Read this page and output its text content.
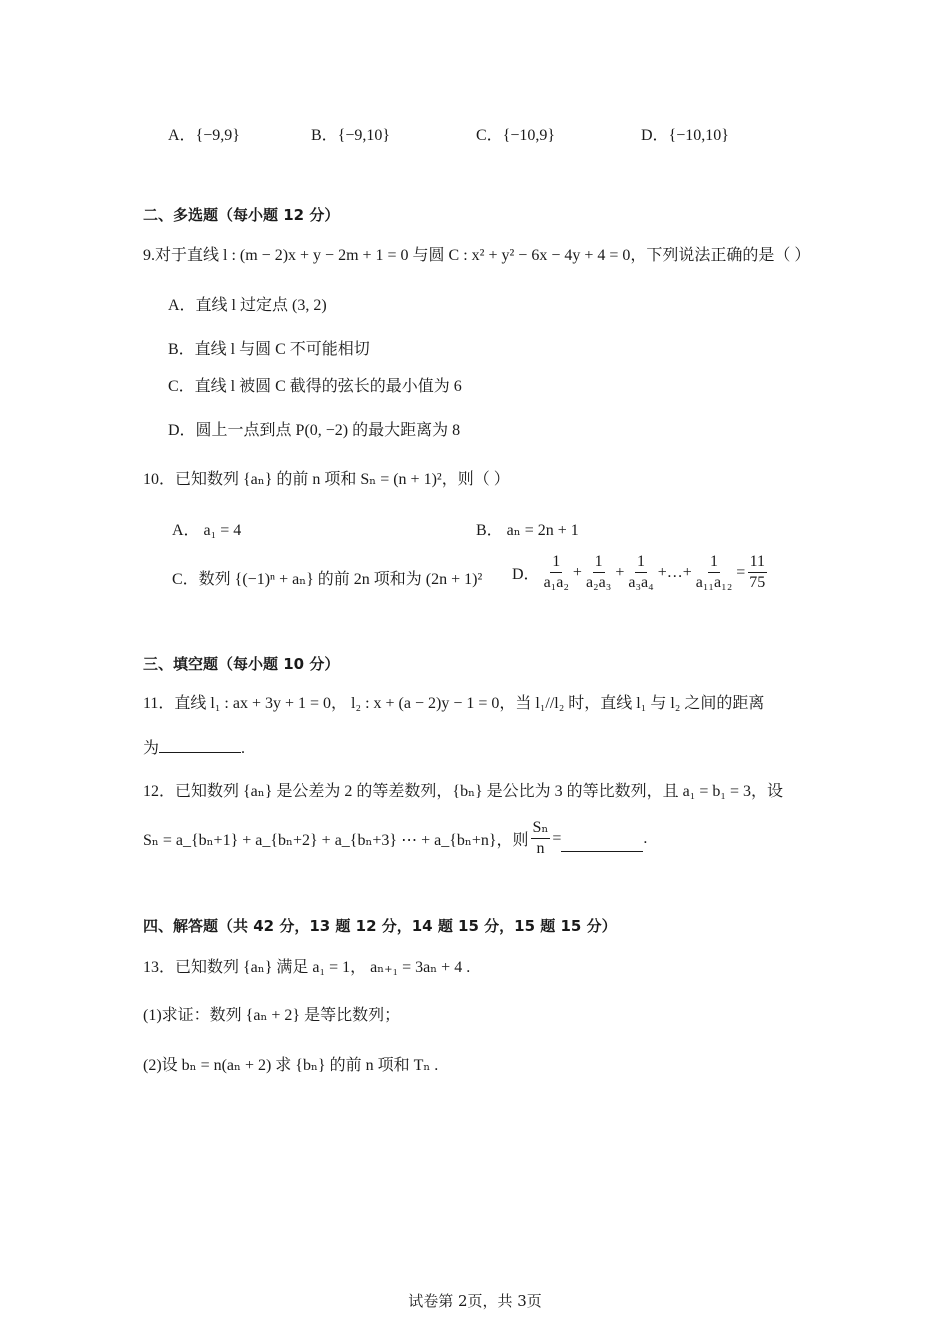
A．{−9,9}	B．{−9,10}	C．{−10,9}	D．{−10,10}
二、多选题（每小题 12 分）
9.对于直线 l : (m − 2)x + y − 2m + 1 = 0 与圆 C : x² + y² − 6x − 4y + 4 = 0，下列说法正确的是（ ）
A．直线 l 过定点 (3, 2)
B．直线 l 与圆 C 不可能相切
C．直线 l 被圆 C 截得的弦长的最小值为 6
D．圆上一点到点 P(0, −2) 的最大距离为 8
10．已知数列 {aₙ} 的前 n 项和 Sₙ = (n + 1)²，则（ ）
A． a₁ = 4	B． aₙ = 2n + 1
C．数列 {(−1)ⁿ + aₙ} 的前 2n 项和为 (2n + 1)² D． $\frac{1}{\text{a₁a₂}} + \frac{1}{\text{a₂a₃}} + \frac{1}{\text{a₃a₄}}$ +…+ $\frac{1}{\text{a₁₁a₁₂}} = \frac{11}{75}$
三、填空题（每小题 10 分）
11．直线 l₁ : ax + 3y + 1 = 0， l₂ : x + (a − 2)y − 1 = 0，当 l₁//l₂ 时，直线 l₁ 与 l₂ 之间的距离
为	.
12．已知数列 {aₙ} 是公差为 2 的等差数列，{bₙ} 是公比为 3 的等比数列，且 a₁ = b₁ = 3，设
Sₙ = a_{bₙ+1} + a_{bₙ+2} + a_{bₙ+3} ⋯ + a_{bₙ+n}，则 $\frac{\text{Sₙ}}{n}$ =	.
四、解答题（共 42 分，13 题 12 分，14 题 15 分，15 题 15 分）
13．已知数列 {aₙ} 满足 a₁ = 1， aₙ₊₁ = 3aₙ + 4 .
(1)求证：数列 {aₙ + 2} 是等比数列；
(2)设 bₙ = n(aₙ + 2) 求 {bₙ} 的前 n 项和 Tₙ .
试卷第 2页，共 3页
